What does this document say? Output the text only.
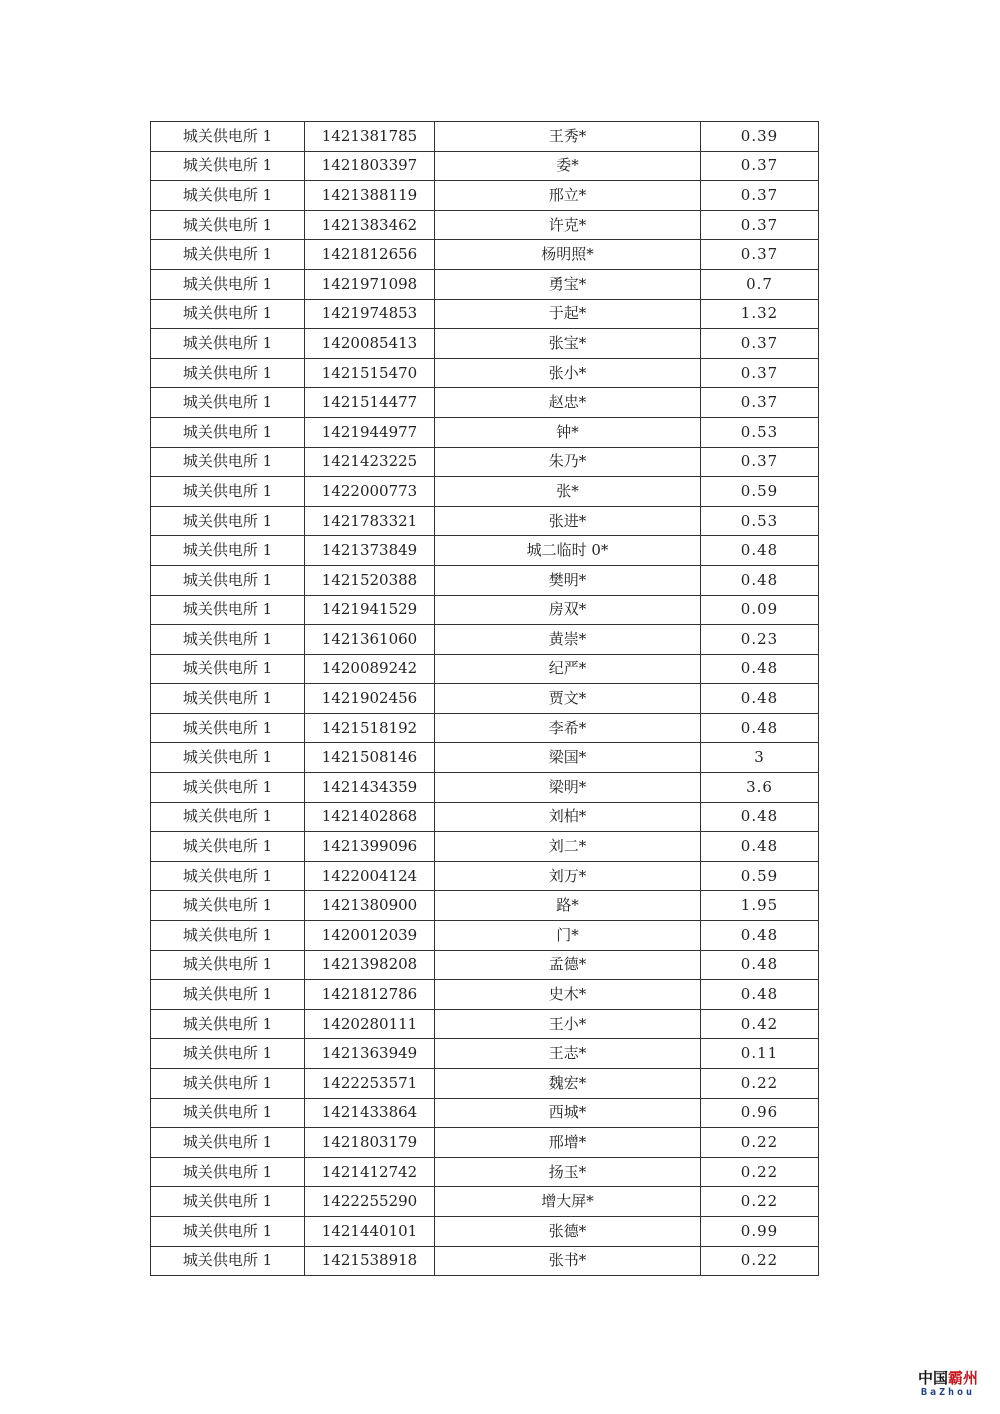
城关供电所 1	1421381785	王秀*	0.39
城关供电所 1	1421803397	委*	0.37
城关供电所 1	1421388119	邢立*	0.37
城关供电所 1	1421383462	许克*	0.37
城关供电所 1	1421812656	杨明照*	0.37
城关供电所 1	1421971098	勇宝*	0.7
城关供电所 1	1421974853	于起*	1.32
城关供电所 1	1420085413	张宝*	0.37
城关供电所 1	1421515470	张小*	0.37
城关供电所 1	1421514477	赵忠*	0.37
城关供电所 1	1421944977	钟*	0.53
城关供电所 1	1421423225	朱乃*	0.37
城关供电所 1	1422000773	张*	0.59
城关供电所 1	1421783321	张进*	0.53
城关供电所 1	1421373849	城二临时 0*	0.48
城关供电所 1	1421520388	樊明*	0.48
城关供电所 1	1421941529	房双*	0.09
城关供电所 1	1421361060	黄崇*	0.23
城关供电所 1	1420089242	纪严*	0.48
城关供电所 1	1421902456	贾文*	0.48
城关供电所 1	1421518192	李希*	0.48
城关供电所 1	1421508146	梁国*	3
城关供电所 1	1421434359	梁明*	3.6
城关供电所 1	1421402868	刘柏*	0.48
城关供电所 1	1421399096	刘二*	0.48
城关供电所 1	1422004124	刘万*	0.59
城关供电所 1	1421380900	路*	1.95
城关供电所 1	1420012039	门*	0.48
城关供电所 1	1421398208	孟德*	0.48
城关供电所 1	1421812786	史木*	0.48
城关供电所 1	1420280111	王小*	0.42
城关供电所 1	1421363949	王志*	0.11
城关供电所 1	1422253571	魏宏*	0.22
城关供电所 1	1421433864	西城*	0.96
城关供电所 1	1421803179	邢增*	0.22
城关供电所 1	1421412742	扬玉*	0.22
城关供电所 1	1422255290	增大屏*	0.22
城关供电所 1	1421440101	张德*	0.99
城关供电所 1	1421538918	张书*	0.22
中国霸州
BaZhou
